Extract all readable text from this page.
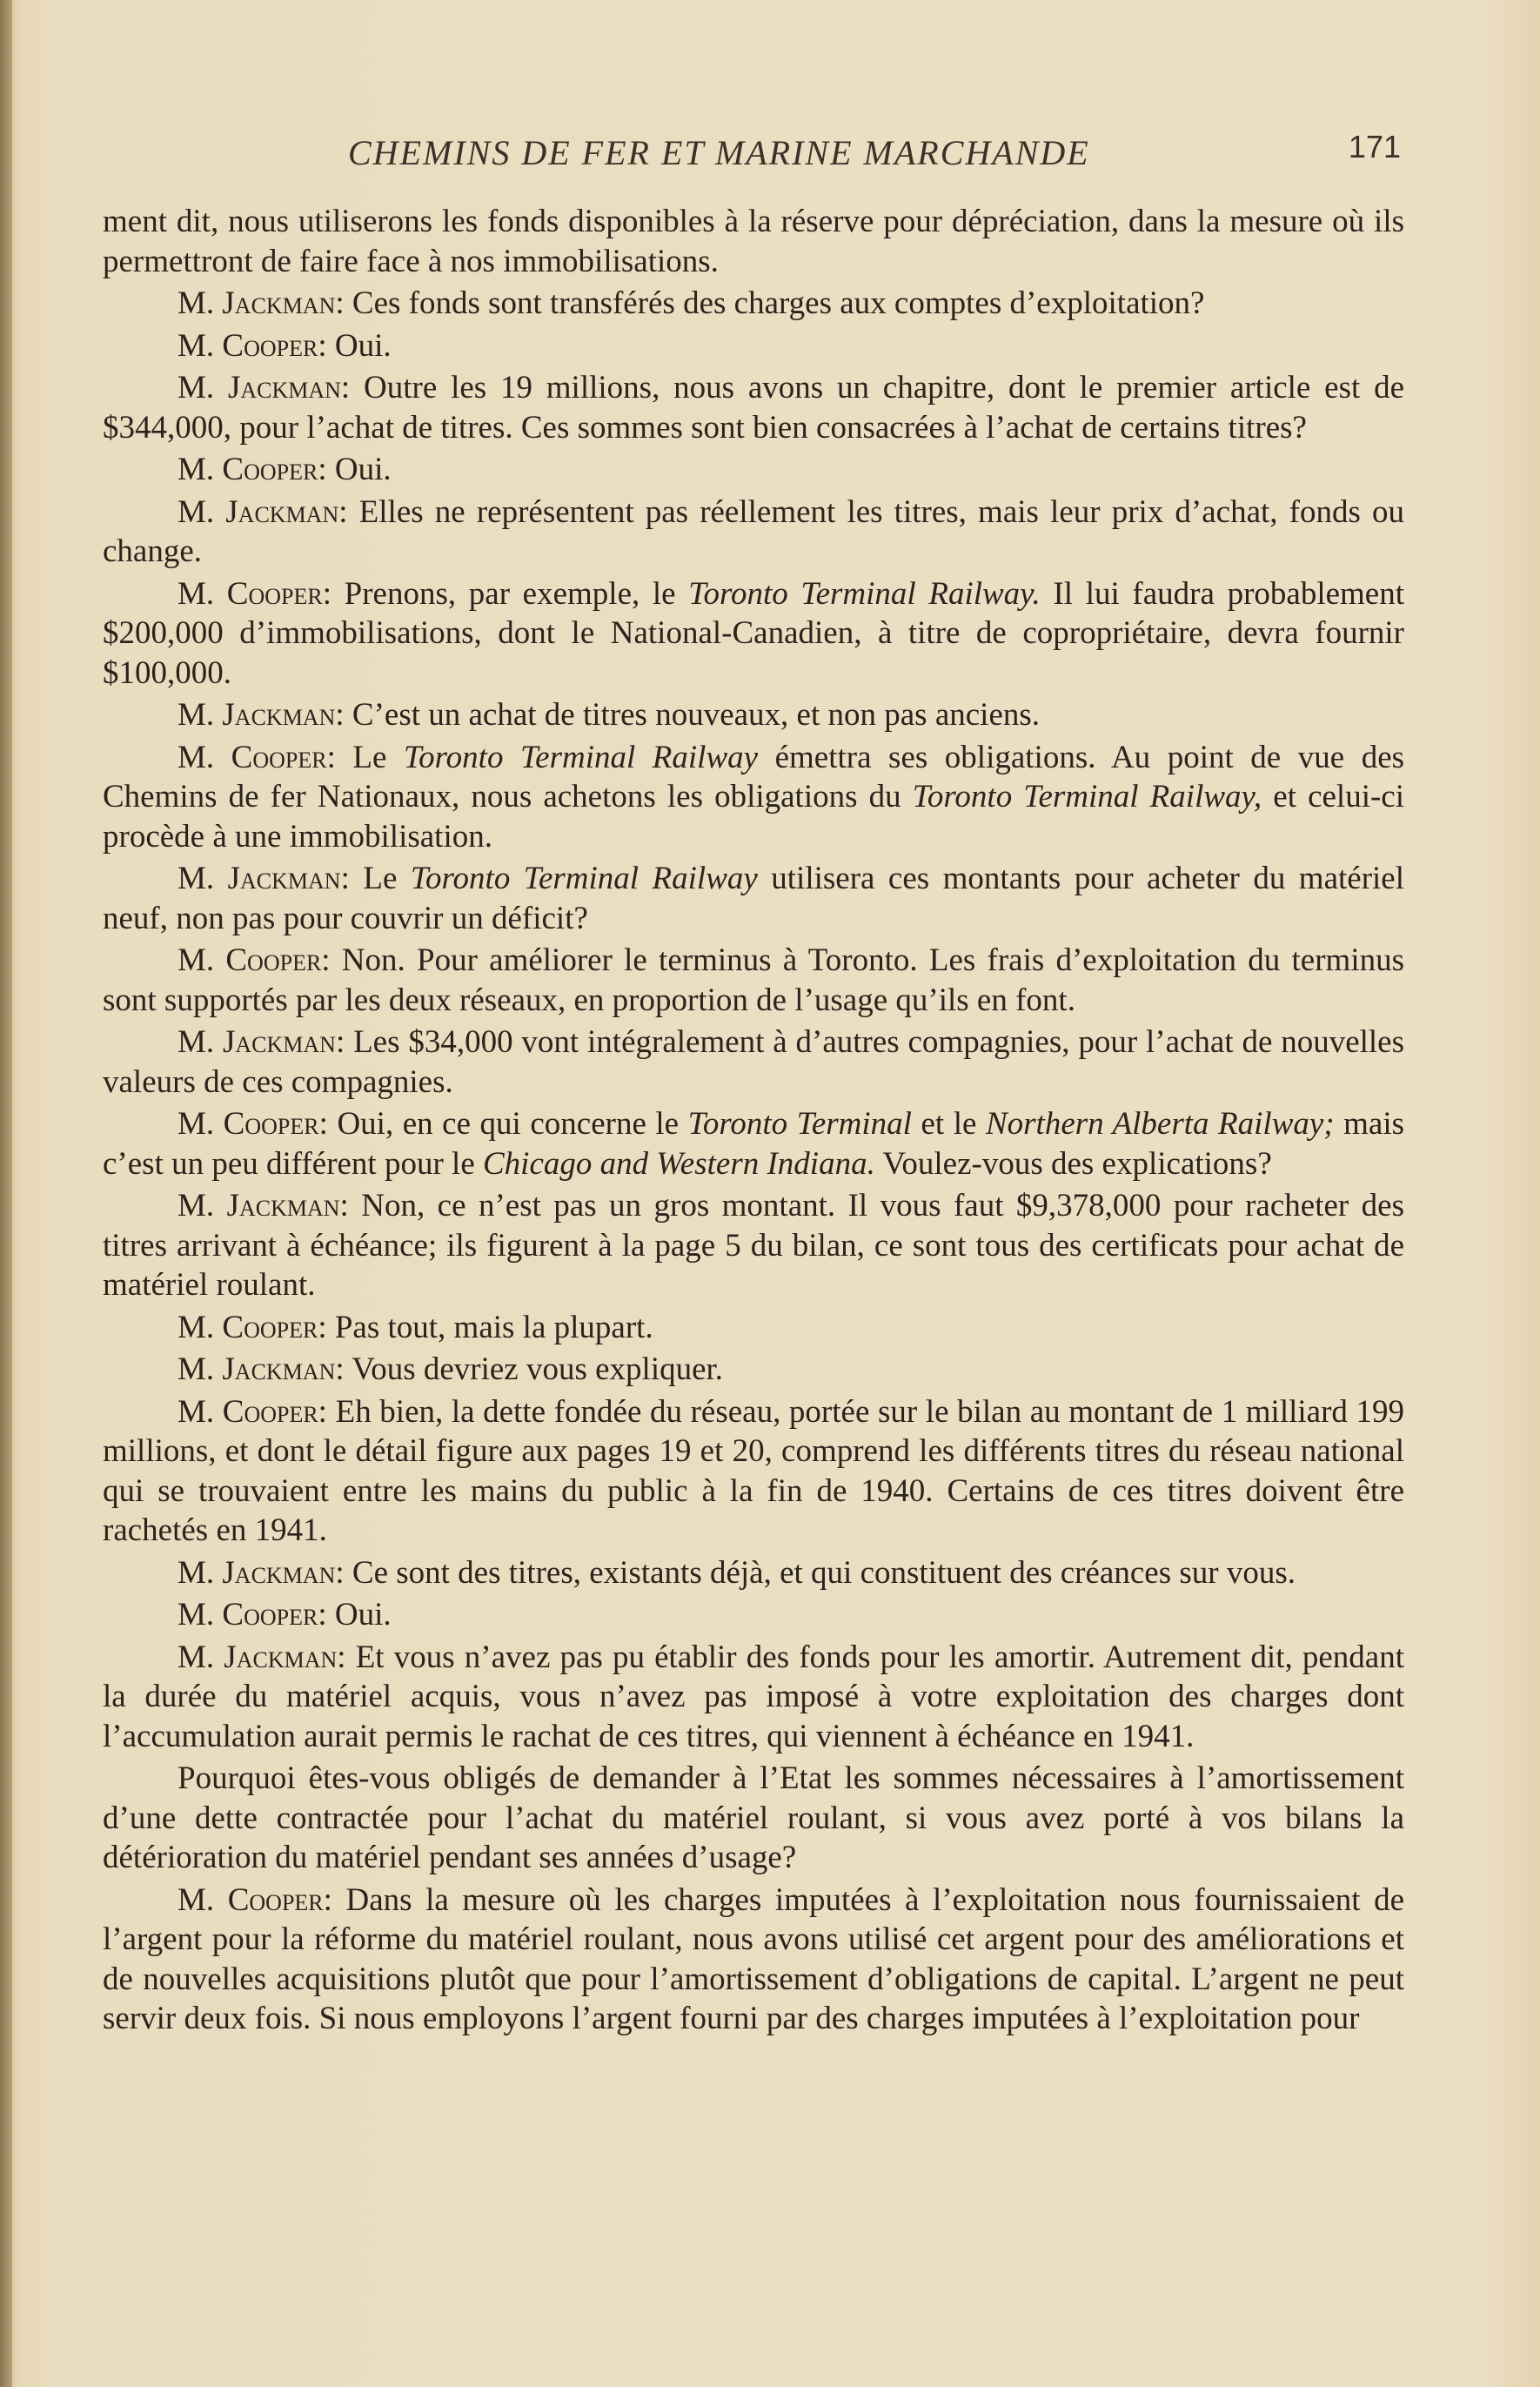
CHEMINS DE FER ET MARINE MARCHANDE	171

ment dit, nous utiliserons les fonds disponibles à la réserve pour dépréciation, dans la mesure où ils permettront de faire face à nos immobilisations.

M. Jackman: Ces fonds sont transférés des charges aux comptes d’exploitation?

M. Cooper: Oui.

M. Jackman: Outre les 19 millions, nous avons un chapitre, dont le premier article est de $344,000, pour l’achat de titres. Ces sommes sont bien consacrées à l’achat de certains titres?

M. Cooper: Oui.

M. Jackman: Elles ne représentent pas réellement les titres, mais leur prix d’achat, fonds ou change.

M. Cooper: Prenons, par exemple, le Toronto Terminal Railway. Il lui faudra probablement $200,000 d’immobilisations, dont le National-Canadien, à titre de copropriétaire, devra fournir $100,000.

M. Jackman: C’est un achat de titres nouveaux, et non pas anciens.

M. Cooper: Le Toronto Terminal Railway émettra ses obligations. Au point de vue des Chemins de fer Nationaux, nous achetons les obligations du Toronto Terminal Railway, et celui-ci procède à une immobilisation.

M. Jackman: Le Toronto Terminal Railway utilisera ces montants pour acheter du matériel neuf, non pas pour couvrir un déficit?

M. Cooper: Non. Pour améliorer le terminus à Toronto. Les frais d’exploitation du terminus sont supportés par les deux réseaux, en proportion de l’usage qu’ils en font.

M. Jackman: Les $34,000 vont intégralement à d’autres compagnies, pour l’achat de nouvelles valeurs de ces compagnies.

M. Cooper: Oui, en ce qui concerne le Toronto Terminal et le Northern Alberta Railway; mais c’est un peu différent pour le Chicago and Western Indiana. Voulez-vous des explications?

M. Jackman: Non, ce n’est pas un gros montant. Il vous faut $9,378,000 pour racheter des titres arrivant à échéance; ils figurent à la page 5 du bilan, ce sont tous des certificats pour achat de matériel roulant.

M. Cooper: Pas tout, mais la plupart.

M. Jackman: Vous devriez vous expliquer.

M. Cooper: Eh bien, la dette fondée du réseau, portée sur le bilan au montant de 1 milliard 199 millions, et dont le détail figure aux pages 19 et 20, comprend les différents titres du réseau national qui se trouvaient entre les mains du public à la fin de 1940. Certains de ces titres doivent être rachetés en 1941.

M. Jackman: Ce sont des titres, existants déjà, et qui constituent des créances sur vous.

M. Cooper: Oui.

M. Jackman: Et vous n’avez pas pu établir des fonds pour les amortir. Autrement dit, pendant la durée du matériel acquis, vous n’avez pas imposé à votre exploitation des charges dont l’accumulation aurait permis le rachat de ces titres, qui viennent à échéance en 1941.

Pourquoi êtes-vous obligés de demander à l’Etat les sommes nécessaires à l’amortissement d’une dette contractée pour l’achat du matériel roulant, si vous avez porté à vos bilans la détérioration du matériel pendant ses années d’usage?

M. Cooper: Dans la mesure où les charges imputées à l’exploitation nous fournissaient de l’argent pour la réforme du matériel roulant, nous avons utilisé cet argent pour des améliorations et de nouvelles acquisitions plutôt que pour l’amortissement d’obligations de capital. L’argent ne peut servir deux fois. Si nous employons l’argent fourni par des charges imputées à l’exploitation pour
